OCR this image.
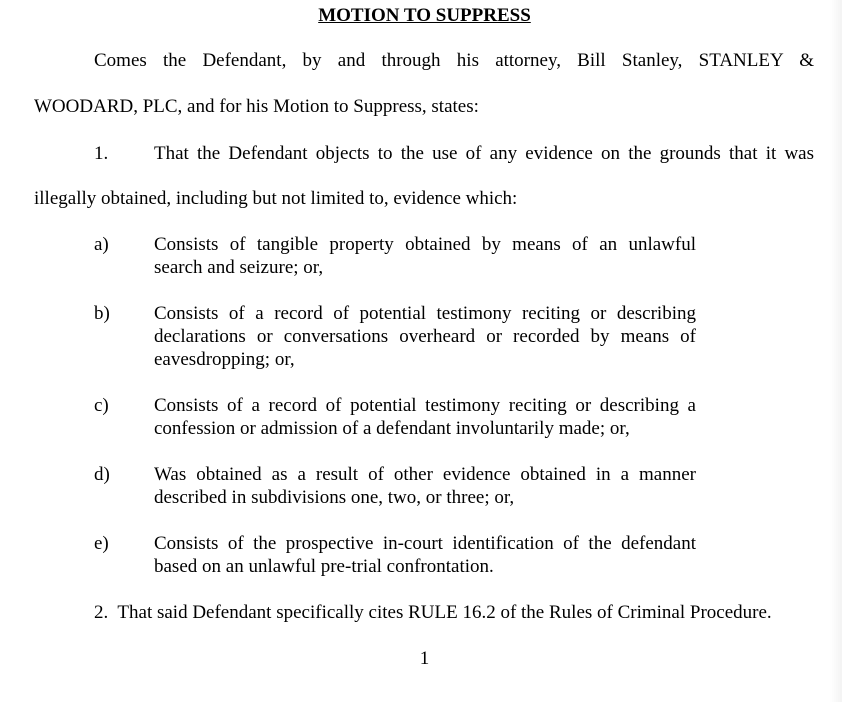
MOTION TO SUPPRESS
Comes the Defendant, by and through his attorney, Bill Stanley, STANLEY &
WOODARD, PLC, and for his Motion to Suppress, states:
1. That the Defendant objects to the use of any evidence on the grounds that it was
illegally obtained, including but not limited to, evidence which:
a) Consists of tangible property obtained by means of an unlawful
search and seizure; or,
b) Consists of a record of potential testimony reciting or describing
declarations or conversations overheard or recorded by means of eavesdropping; or,
c) Consists of a record of potential testimony reciting or describing a
confession or admission of a defendant involuntarily made; or,
d) Was obtained as a result of other evidence obtained in a manner
described in subdivisions one, two, or three; or,
e) Consists of the prospective in-court identification of the defendant
based on an unlawful pre-trial confrontation.
2.  That said Defendant specifically cites RULE 16.2 of the Rules of Criminal Procedure.
1
